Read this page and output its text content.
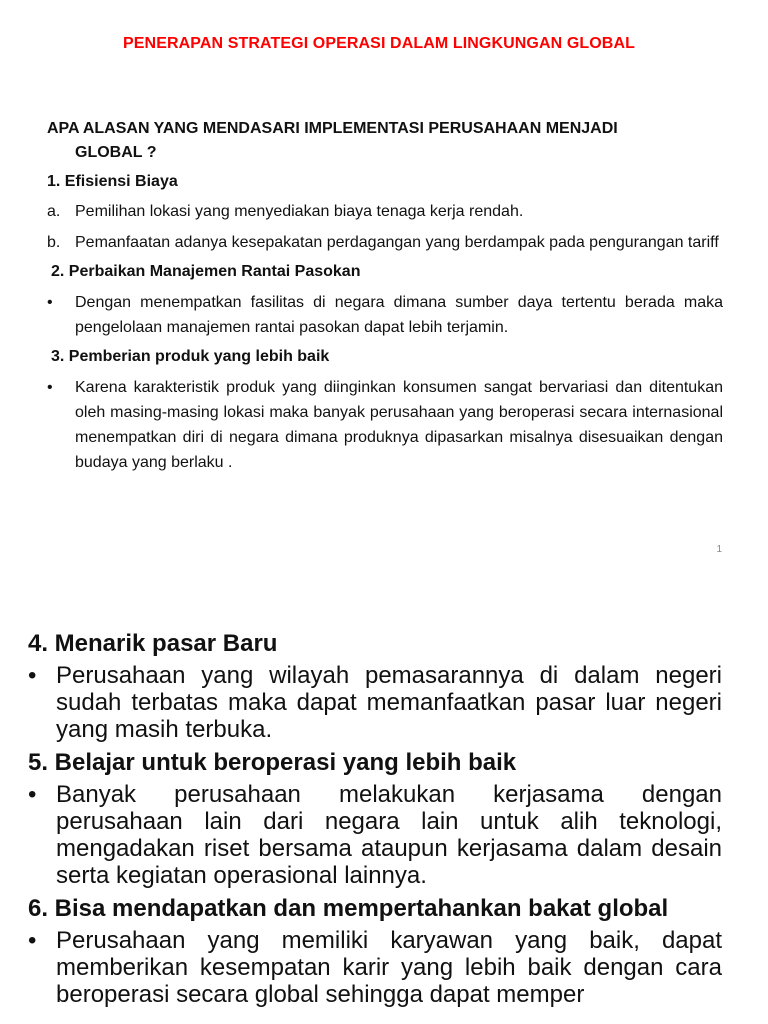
PENERAPAN STRATEGI OPERASI DALAM LINGKUNGAN GLOBAL
APA ALASAN YANG MENDASARI IMPLEMENTASI PERUSAHAAN MENJADI
GLOBAL ?
1. Efisiensi Biaya
a. Pemilihan lokasi yang menyediakan biaya tenaga kerja rendah.
b. Pemanfaatan adanya kesepakatan perdagangan yang berdampak pada pengurangan tariff
2. Perbaikan Manajemen Rantai Pasokan
• Dengan menempatkan fasilitas di negara dimana sumber daya tertentu berada maka pengelolaan manajemen rantai pasokan dapat lebih terjamin.
3. Pemberian produk yang lebih baik
• Karena karakteristik produk yang diinginkan konsumen sangat bervariasi dan ditentukan oleh masing-masing lokasi maka banyak perusahaan yang beroperasi secara internasional menempatkan diri di negara dimana produknya dipasarkan misalnya disesuaikan dengan budaya yang berlaku .
1
4. Menarik pasar Baru
• Perusahaan yang wilayah pemasarannya di dalam negeri sudah terbatas maka dapat memanfaatkan pasar luar negeri yang masih terbuka.
5. Belajar untuk beroperasi yang lebih baik
• Banyak perusahaan melakukan kerjasama dengan perusahaan lain dari negara lain untuk alih teknologi, mengadakan riset bersama ataupun kerjasama dalam desain serta kegiatan operasional lainnya.
6. Bisa mendapatkan dan mempertahankan bakat global
• Perusahaan yang memiliki karyawan yang baik, dapat memberikan kesempatan karir yang lebih baik dengan cara beroperasi secara global sehingga dapat memper
